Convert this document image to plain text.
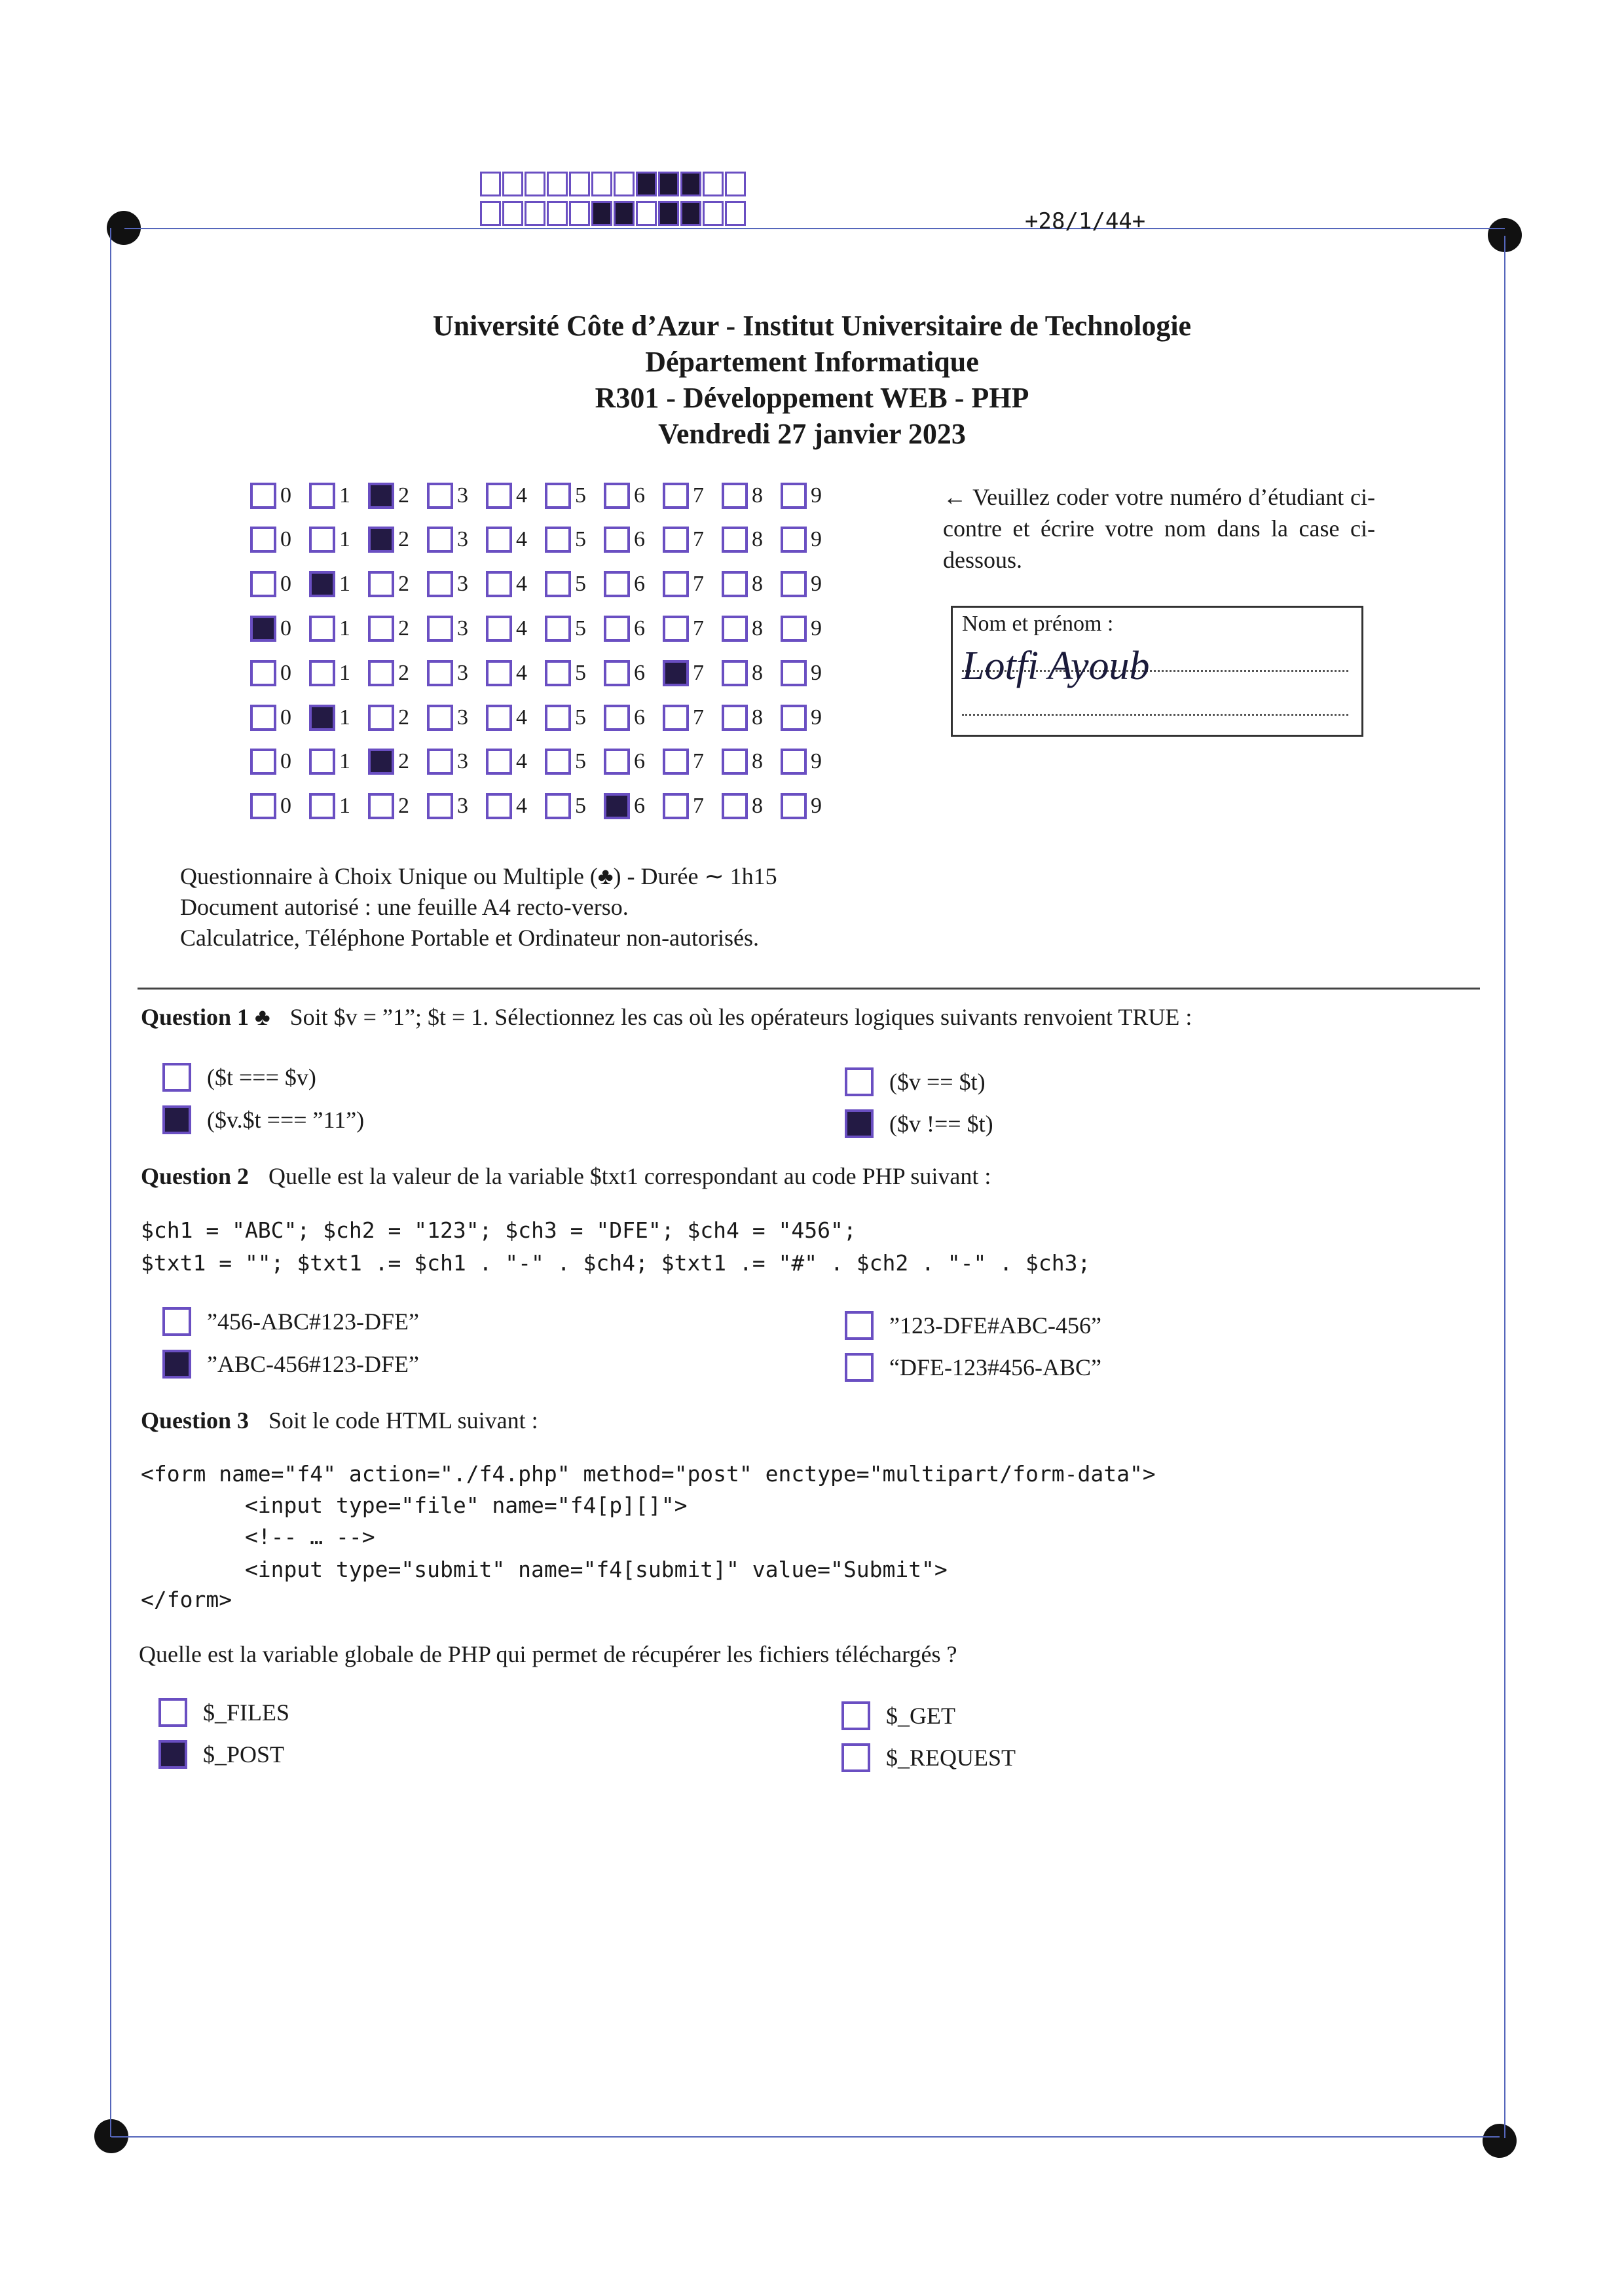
+28/1/44+
Université Côte d’Azur - Institut Universitaire de Technologie
Département Informatique
R301 - Développement WEB - PHP
Vendredi 27 janvier 2023
0 1 2 3 4 5 6 7 8 9
0 1 2 3 4 5 6 7 8 9
0 1 2 3 4 5 6 7 8 9
0 1 2 3 4 5 6 7 8 9
0 1 2 3 4 5 6 7 8 9
0 1 2 3 4 5 6 7 8 9
0 1 2 3 4 5 6 7 8 9
0 1 2 3 4 5 6 7 8 9
← Veuillez coder votre numéro d’étudiant ci-contre et écrire votre nom dans la case ci-dessous.
Nom et prénom :
Lotfi Ayoub
Questionnaire à Choix Unique ou Multiple (♣) - Durée ∼ 1h15
Document autorisé : une feuille A4 recto-verso.
Calculatrice, Téléphone Portable et Ordinateur non-autorisés.
Question 1 ♣ Soit $v = ”1”; $t = 1. Sélectionnez les cas où les opérateurs logiques suivants renvoient TRUE :
($t === $v)
($v.$t === ”11”)
($v == $t)
($v !== $t)
Question 2 Quelle est la valeur de la variable $txt1 correspondant au code PHP suivant :
$ch1 = "ABC"; $ch2 = "123"; $ch3 = "DFE"; $ch4 = "456";
$txt1 = ""; $txt1 .= $ch1 . "-" . $ch4; $txt1 .= "#" . $ch2 . "-" . $ch3;
”456-ABC#123-DFE”
”ABC-456#123-DFE”
”123-DFE#ABC-456”
“DFE-123#456-ABC”
Question 3 Soit le code HTML suivant :
<form name="f4" action="./f4.php" method="post" enctype="multipart/form-data">
<input type="file" name="f4[p][]">
<!-- … -->
<input type="submit" name="f4[submit]" value="Submit">
</form>
Quelle est la variable globale de PHP qui permet de récupérer les fichiers téléchargés ?
$_FILES
$_POST
$_GET
$_REQUEST
